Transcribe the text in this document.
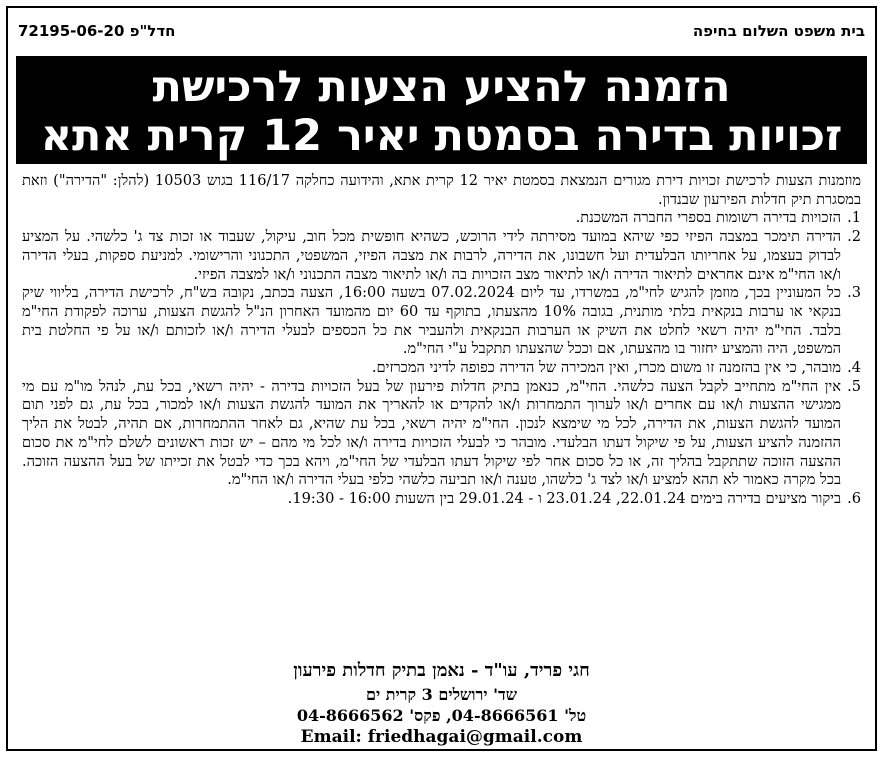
חדל"פ 72195-06-20	בית משפט השלום בחיפה
הזמנה להציע הצעות לרכישת
זכויות בדירה בסמטת יאיר 12 קרית אתא

מוזמנות הצעות לרכישת זכויות דירת מגורים הנמצאת בסמטת יאיר 12 קרית אתא, והידועה כחלקה 116/17 בגוש 10503 (להלן: "הדירה") וזאת במסגרת תיק חדלות הפירעון שבנדון.

1.
הזכויות בדירה רשומות בספרי החברה המשכנת.
2.
הדירה תימכר במצבה הפיזי כפי שיהא במועד מסירתה לידי הרוכש, כשהיא חופשית מכל חוב, עיקול, שעבוד או זכות צד ג' כלשהי. על המציע לבדוק בעצמו, על אחריותו הבלעדית ועל חשבונו, את הדירה, לרבות את מצבה הפיזי, המשפטי, התכנוני והרישומי. למניעת ספקות, בעלי הדירה ו/או החי"מ אינם אחראים לתיאור הדירה ו/או לתיאור מצב הזכויות בה ו/או לתיאור מצבה התכנוני ו/או למצבה הפיזי.
3.
כל המעוניין בכך, מוזמן להגיש לחי"מ, במשרדו, עד ליום 07.02.2024 בשעה 16:00, הצעה בכתב, נקובה בש"ח, לרכישת הדירה, בליווי שיק בנקאי או ערבות בנקאית בלתי מותנית, בגובה 10% מהצעתו, בתוקף עד 60 יום מהמועד האחרון הנ"ל להגשת הצעות, ערוכה לפקודת החי"מ בלבד. החי"מ יהיה רשאי לחלט את השיק או הערבות הבנקאית ולהעביר את כל הכספים לבעלי הדירה ו/או לזכותם ו/או על פי החלטת בית המשפט, היה והמציע יחזור בו מהצעתו, אם וככל שהצעתו תתקבל ע"י החי"מ.
4.
מובהר, כי אין בהזמנה זו משום מכרז, ואין המכירה של הדירה כפופה לדיני המכרזים.
5.
אין החי"מ מתחייב לקבל הצעה כלשהי. החי"מ, כנאמן בתיק חדלות פירעון של בעל הזכויות בדירה - יהיה רשאי, בכל עת, לנהל מו"מ עם מי ממגישי ההצעות ו/או עם אחרים ו/או לערוך התמחרות ו/או להקדים או להאריך את המועד להגשת הצעות ו/או למכור, בכל עת, גם לפני תום המועד להגשת הצעות, את הדירה, לכל מי שימצא לנכון. החי"מ יהיה רשאי, בכל עת שהיא, גם לאחר ההתמחרות, אם תהיה, לבטל את הליך ההזמנה להציע הצעות, על פי שיקול דעתו הבלעדי. מובהר כי לבעלי הזכויות בדירה ו/או לכל מי מהם – יש זכות ראשונים לשלם לחי"מ את סכום ההצעה הזוכה שתתקבל בהליך זה, או כל סכום אחר לפי שיקול דעתו הבלעדי של החי"מ, ויהא בכך כדי לבטל את זכייתו של בעל ההצעה הזוכה. בכל מקרה כאמור לא תהא למציע ו/או לצד ג' כלשהו, טענה ו/או תביעה כלשהי כלפי בעלי הדירה ו/או החי"מ.
6.
ביקור מציעים בדירה בימים 22.01.24, 23.01.24 ו - 29.01.24 בין השעות 16:00 - 19:30.
חגי פריד, עו"ד - נאמן בתיק חדלות פירעון
שד' ירושלים 3 קרית ים
טל' 04-8666561, פקס' 04-8666562
Email: friedhagai@gmail.com
